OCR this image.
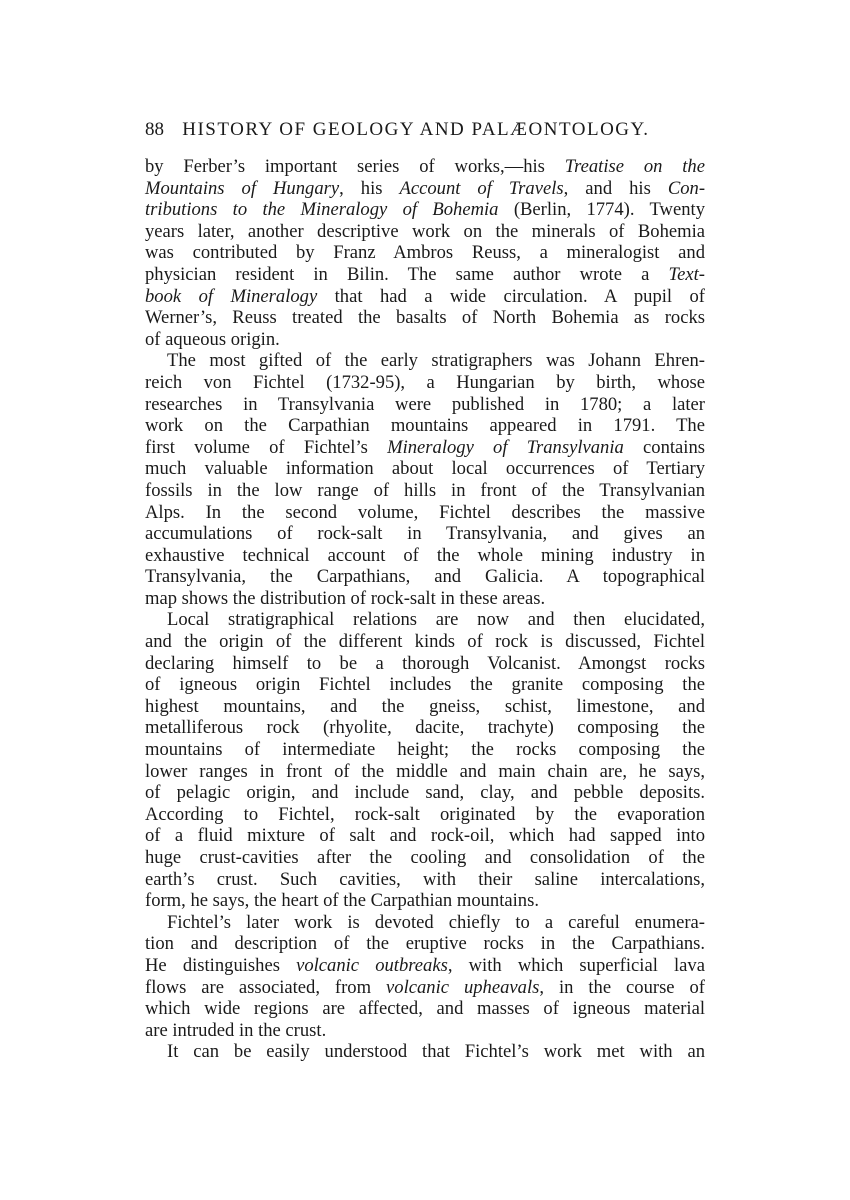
88 HISTORY OF GEOLOGY AND PALÆONTOLOGY.
by Ferber’s important series of works,—his Treatise on the
Mountains of Hungary, his Account of Travels, and his Con-
tributions to the Mineralogy of Bohemia (Berlin, 1774). Twenty
years later, another descriptive work on the minerals of Bohemia
was contributed by Franz Ambros Reuss, a mineralogist and
physician resident in Bilin. The same author wrote a Text-
book of Mineralogy that had a wide circulation. A pupil of
Werner’s, Reuss treated the basalts of North Bohemia as rocks
of aqueous origin.
The most gifted of the early stratigraphers was Johann Ehren-
reich von Fichtel (1732-95), a Hungarian by birth, whose
researches in Transylvania were published in 1780; a later
work on the Carpathian mountains appeared in 1791. The
first volume of Fichtel’s Mineralogy of Transylvania contains
much valuable information about local occurrences of Tertiary
fossils in the low range of hills in front of the Transylvanian
Alps. In the second volume, Fichtel describes the massive
accumulations of rock-salt in Transylvania, and gives an
exhaustive technical account of the whole mining industry in
Transylvania, the Carpathians, and Galicia. A topographical
map shows the distribution of rock-salt in these areas.
Local stratigraphical relations are now and then elucidated,
and the origin of the different kinds of rock is discussed, Fichtel
declaring himself to be a thorough Volcanist. Amongst rocks
of igneous origin Fichtel includes the granite composing the
highest mountains, and the gneiss, schist, limestone, and
metalliferous rock (rhyolite, dacite, trachyte) composing the
mountains of intermediate height; the rocks composing the
lower ranges in front of the middle and main chain are, he says,
of pelagic origin, and include sand, clay, and pebble deposits.
According to Fichtel, rock-salt originated by the evaporation
of a fluid mixture of salt and rock-oil, which had sapped into
huge crust-cavities after the cooling and consolidation of the
earth’s crust. Such cavities, with their saline intercalations,
form, he says, the heart of the Carpathian mountains.
Fichtel’s later work is devoted chiefly to a careful enumera-
tion and description of the eruptive rocks in the Carpathians.
He distinguishes volcanic outbreaks, with which superficial lava
flows are associated, from volcanic upheavals, in the course of
which wide regions are affected, and masses of igneous material
are intruded in the crust.
It can be easily understood that Fichtel’s work met with an
